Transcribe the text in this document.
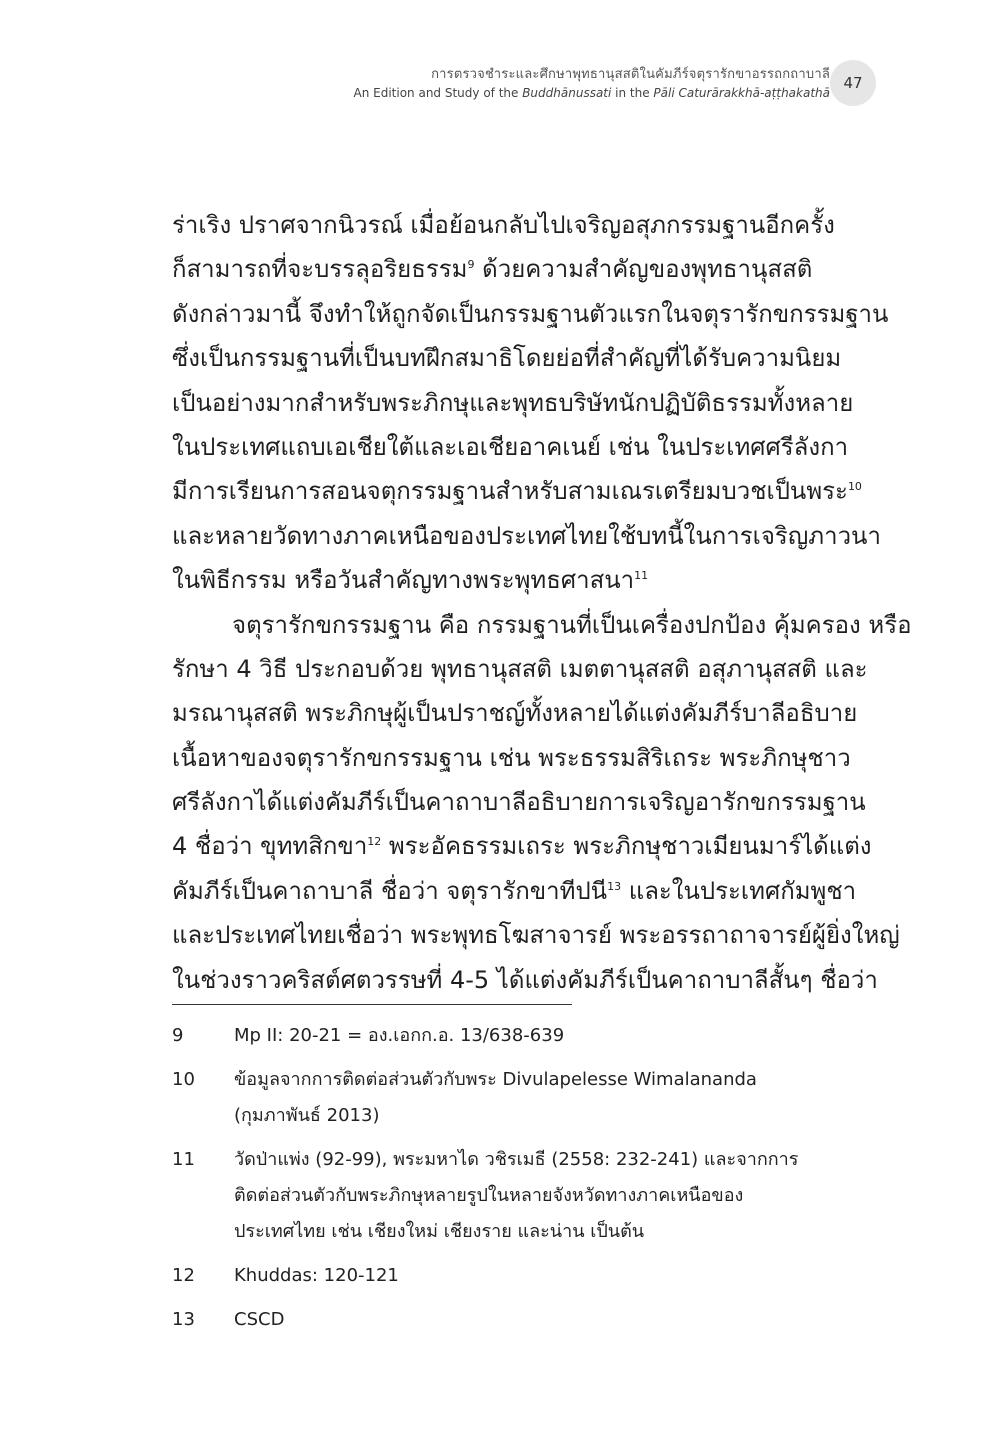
การตรวจชำระและศึกษาพุทธานุสสติในคัมภีร์จตุรารักขาอรรถกถาบาลี
An Edition and Study of the Buddhānussati in the Pāli Caturārakkhā-aṭṭhakathā
47
ร่าเริง ปราศจากนิวรณ์ เมื่อย้อนกลับไปเจริญอสุภกรรมฐานอีกครั้ง
ก็สามารถที่จะบรรลุอริยธรรม$^9$ ด้วยความสำคัญของพุทธานุสสติ
ดังกล่าวมานี้ จึงทำให้ถูกจัดเป็นกรรมฐานตัวแรกในจตุรารักขกรรมฐาน
ซึ่งเป็นกรรมฐานที่เป็นบทฝึกสมาธิโดยย่อที่สำคัญที่ได้รับความนิยม
เป็นอย่างมากสำหรับพระภิกษุและพุทธบริษัทนักปฏิบัติธรรมทั้งหลาย
ในประเทศแถบเอเชียใต้และเอเชียอาคเนย์ เช่น ในประเทศศรีลังกา
มีการเรียนการสอนจตุกรรมฐานสำหรับสามเณรเตรียมบวชเป็นพระ$^{10}$
และหลายวัดทางภาคเหนือของประเทศไทยใช้บทนี้ในการเจริญภาวนา
ในพิธีกรรม หรือวันสำคัญทางพระพุทธศาสนา$^{11}$
จตุรารักขกรรมฐาน คือ กรรมฐานที่เป็นเครื่องปกป้อง คุ้มครอง หรือ
รักษา 4 วิธี ประกอบด้วย พุทธานุสสติ เมตตานุสสติ อสุภานุสสติ และ
มรณานุสสติ พระภิกษุผู้เป็นปราชญ์ทั้งหลายได้แต่งคัมภีร์บาลีอธิบาย
เนื้อหาของจตุรารักขกรรมฐาน เช่น พระธรรมสิริเถระ พระภิกษุชาว
ศรีลังกาได้แต่งคัมภีร์เป็นคาถาบาลีอธิบายการเจริญอารักขกรรมฐาน
4 ชื่อว่า ขุททสิกขา$^{12}$ พระอัคธรรมเถระ พระภิกษุชาวเมียนมาร์ได้แต่ง
คัมภีร์เป็นคาถาบาลี ชื่อว่า จตุรารักขาทีปนี$^{13}$ และในประเทศกัมพูชา
และประเทศไทยเชื่อว่า พระพุทธโฆสาจารย์ พระอรรถาถาจารย์ผู้ยิ่งใหญ่
ในช่วงราวคริสต์ศตวรรษที่ 4-5 ได้แต่งคัมภีร์เป็นคาถาบาลีสั้นๆ ชื่อว่า
9	Mp II: 20-21 = อง.เอกก.อ. 13/638-639
10	ข้อมูลจากการติดต่อส่วนตัวกับพระ Divulapelesse Wimalananda
(กุมภาพันธ์ 2013)
11	วัดป่าแพ่ง (92-99), พระมหาได วชิรเมธี (2558: 232-241) และจากการ
ติดต่อส่วนตัวกับพระภิกษุหลายรูปในหลายจังหวัดทางภาคเหนือของ
ประเทศไทย เช่น เชียงใหม่ เชียงราย และน่าน เป็นต้น
12	Khuddas: 120-121
13	CSCD
